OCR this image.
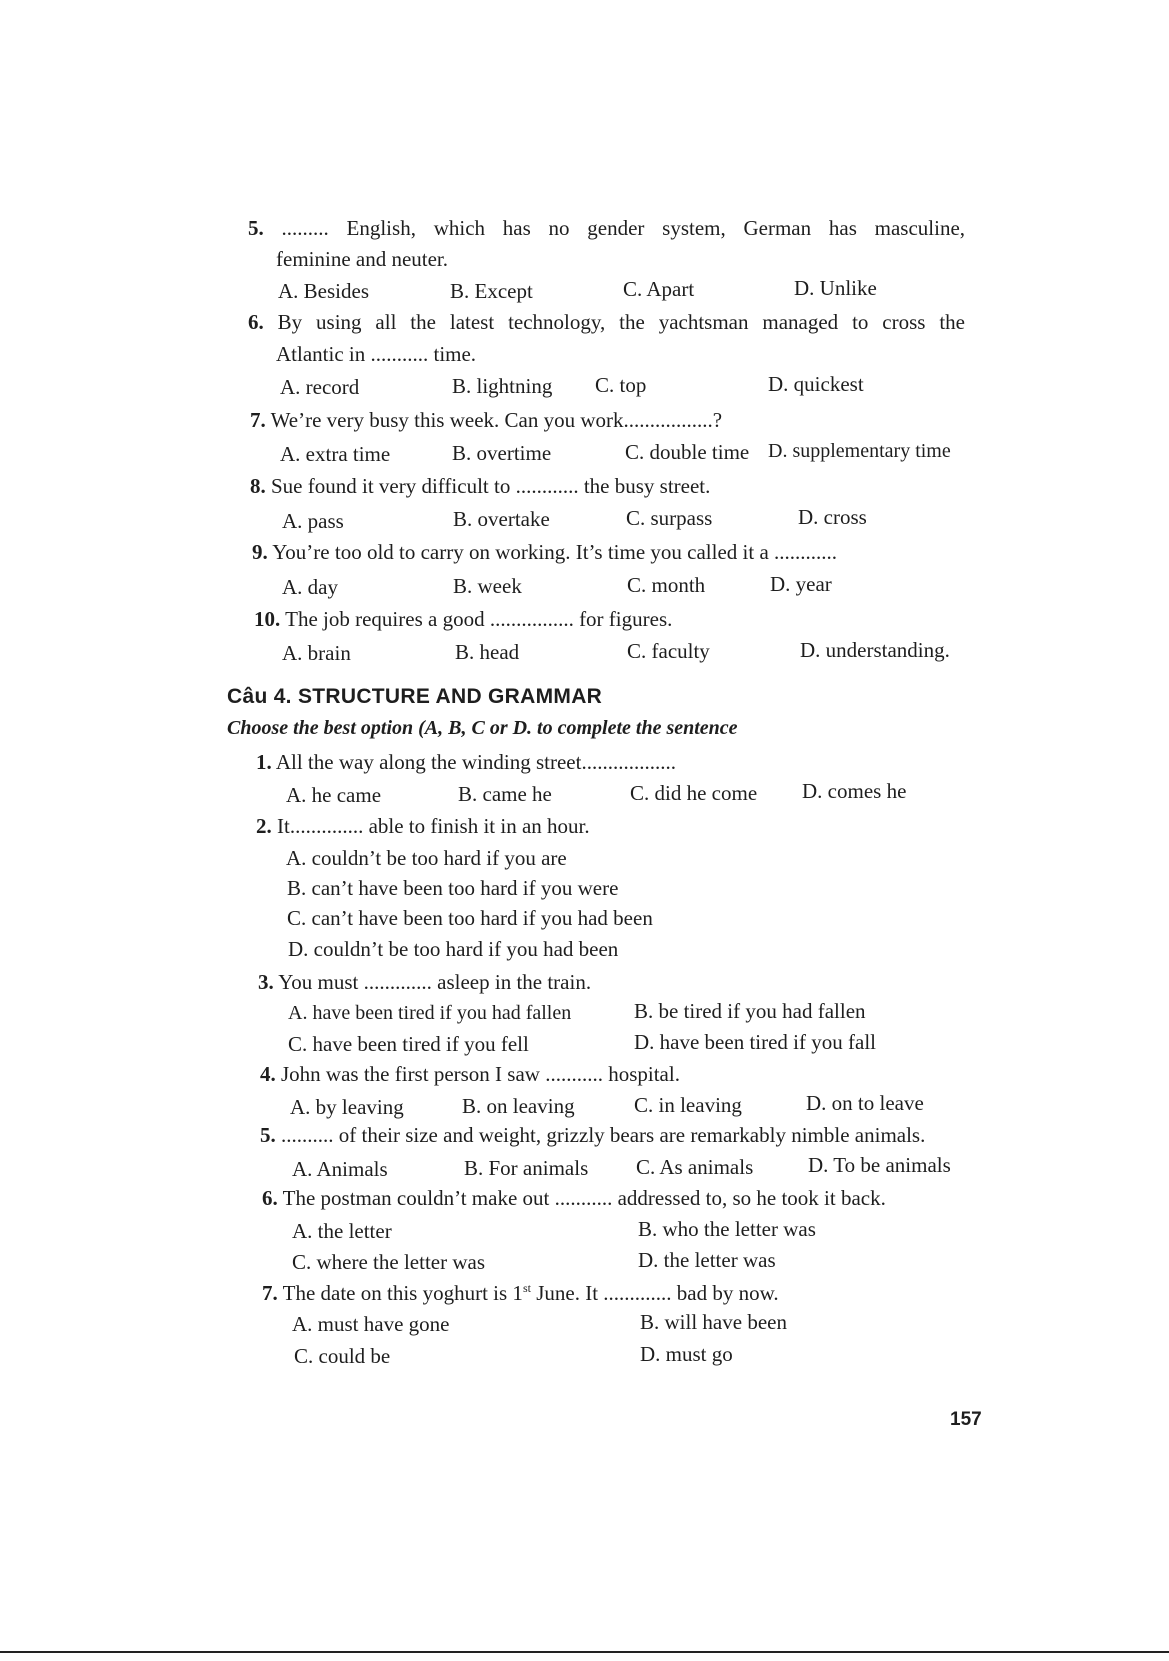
5. ......... English, which has no gender system, German has masculine,
feminine and neuter.
A. Besides	B. Except	C. Apart	D. Unlike
6. By using all the latest technology, the yachtsman managed to cross the
Atlantic in ........... time.
A. record	B. lightning C. top	D. quickest
7. We’re very busy this week. Can you work.................?
A. extra time	B. overtime	C. double time D. supplementary time
8. Sue found it very difficult to ............ the busy street.
A. pass	B. overtake	C. surpass	D. cross
9. You’re too old to carry on working. It’s time you called it a ............
A. day	B. week	C. month	D. year
10. The job requires a good ................ for figures.
A. brain	B. head	C. faculty	D. understanding.
Câu 4. STRUCTURE AND GRAMMAR
Choose the best option (A, B, C or D. to complete the sentence
1. All the way along the winding street..................
A. he came	B. came he	C. did he come D. comes he
2. It.............. able to finish it in an hour.
A. couldn’t be too hard if you are
B. can’t have been too hard if you were
C. can’t have been too hard if you had been
D. couldn’t be too hard if you had been
3. You must ............. asleep in the train.
A. have been tired if you had fallen	B. be tired if you had fallen
C. have been tired if you fell	D. have been tired if you fall
4. John was the first person I saw ........... hospital.
A. by leaving	B. on leaving	C. in leaving	D. on to leave
5. .......... of their size and weight, grizzly bears are remarkably nimble animals.
A. Animals	B. For animals C. As animals	D. To be animals
6. The postman couldn’t make out ........... addressed to, so he took it back.
A. the letter	B. who the letter was
C. where the letter was	D. the letter was
7. The date on this yoghurt is 1st June. It ............. bad by now.
A. must have gone	B. will have been
C. could be	D. must go
157
